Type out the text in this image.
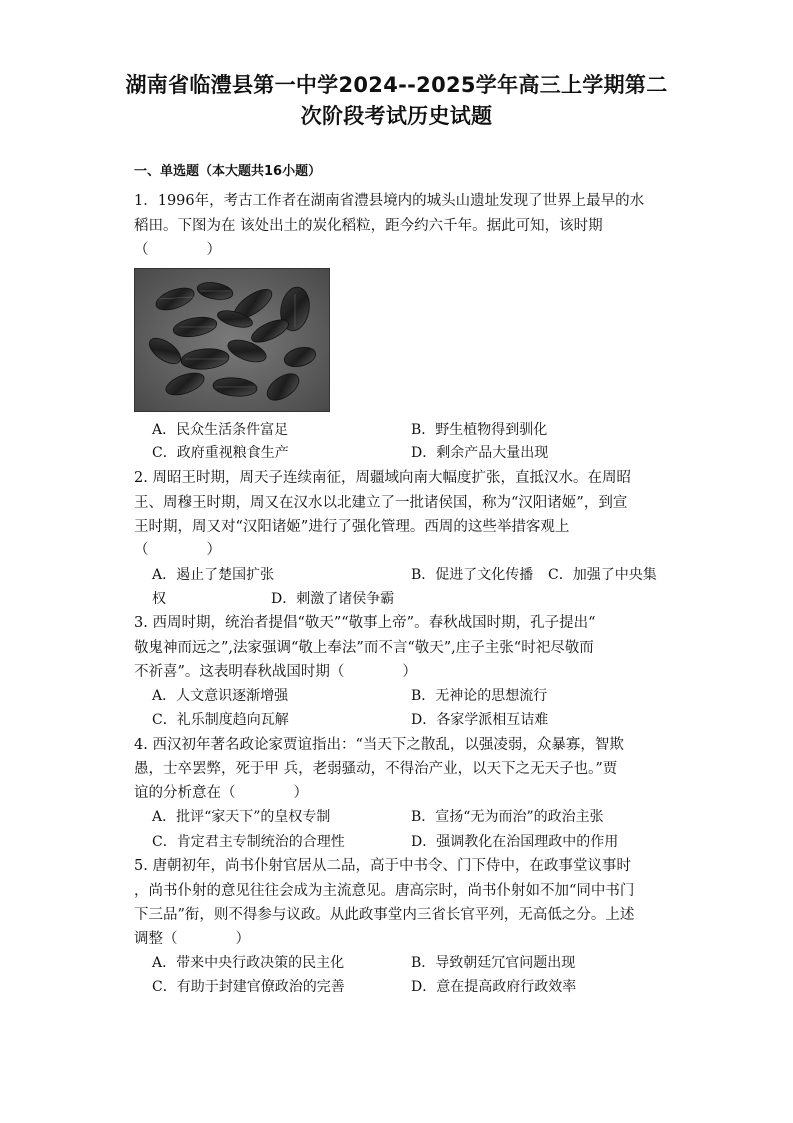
湖南省临澧县第一中学2024--2025学年高三上学期第二
次阶段考试历史试题
一、单选题（本大题共16小题）
1．1996年，考古工作者在湖南省澧县境内的城头山遗址发现了世界上最早的水
稻田。下图为在 该处出土的炭化稻粒，距今约六千年。据此可知，该时期
（　　　　）
A．民众生活条件富足	B．野生植物得到驯化
C．政府重视粮食生产	D．剩余产品大量出现
2. 周昭王时期，周天子连续南征，周疆域向南大幅度扩张，直抵汉水。在周昭
王、周穆王时期，周又在汉水以北建立了一批诸侯国，称为“汉阳诸姬”，到宣
王时期，周又对“汉阳诸姬”进行了强化管理。西周的这些举措客观上
（　　　　）
A．遏止了楚国扩张	B．促进了文化传播 C．加强了中央集
权	D．刺激了诸侯争霸
3. 西周时期，统治者提倡“敬天”“敬事上帝”。春秋战国时期，孔子提出“
敬鬼神而远之”,法家强调“敬上奉法”而不言“敬天”,庄子主张“时祀尽敬而
不祈喜”。这表明春秋战国时期（　　　　）
A．人文意识逐渐增强	B．无神论的思想流行
C．礼乐制度趋向瓦解	D．各家学派相互诘难
4. 西汉初年著名政论家贾谊指出：“当天下之散乱，以强凌弱，众暴寡，智欺
愚，士卒罢弊，死于甲 兵，老弱骚动，不得治产业，以天下之无天子也。”贾
谊的分析意在（　　　　）
A．批评“家天下”的皇权专制	B．宣扬“无为而治”的政治主张
C．肯定君主专制统治的合理性	D．强调教化在治国理政中的作用
5. 唐朝初年，尚书仆射官居从二品，高于中书令、门下侍中，在政事堂议事时
，尚书仆射的意见往往会成为主流意见。唐高宗时，尚书仆射如不加“同中书门
下三品”衔，则不得参与议政。从此政事堂内三省长官平列，无高低之分。上述
调整（　　　　）
A．带来中央行政决策的民主化	B．导致朝廷冗官问题出现
C．有助于封建官僚政治的完善	D．意在提高政府行政效率
